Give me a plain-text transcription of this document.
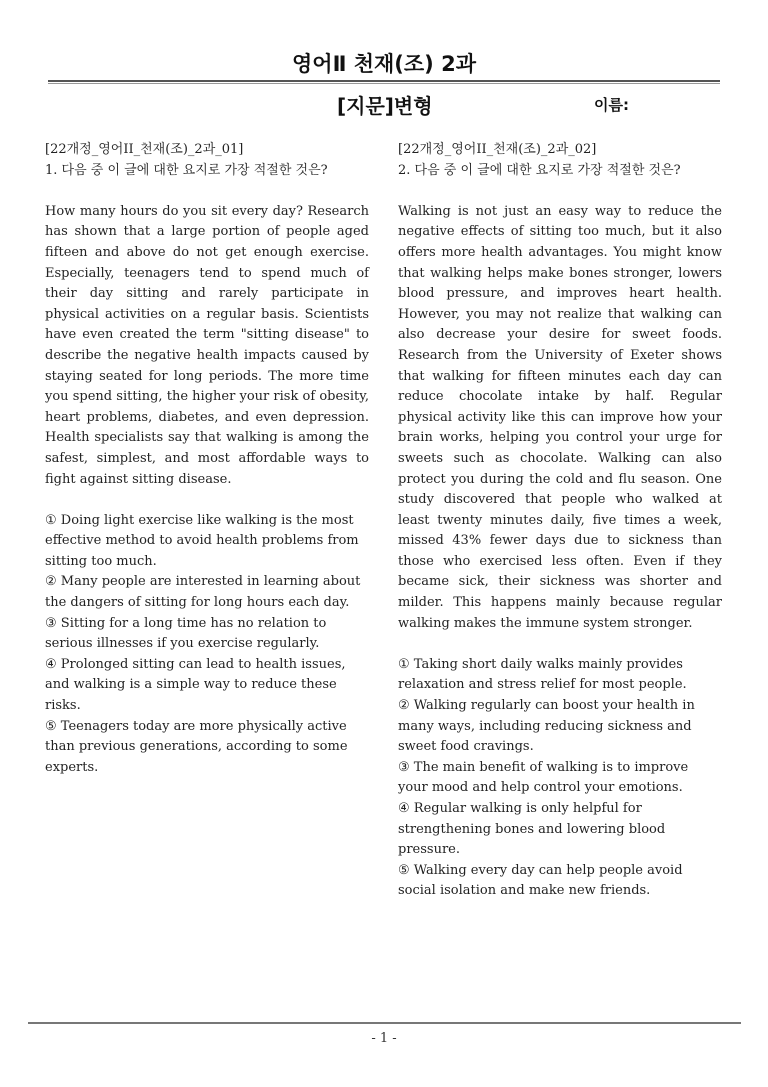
영어Ⅱ 천재(조) 2과
[지문]변형	이름:
[22개정_영어II_천재(조)_2과_01]
1. 다음 중 이 글에 대한 요지로 가장 적절한 것은?
How many hours do you sit every day? Research has shown that a large portion of people aged fifteen and above do not get enough exercise. Especially, teenagers tend to spend much of their day sitting and rarely participate in physical activities on a regular basis. Scientists have even created the term "sitting disease" to describe the negative health impacts caused by staying seated for long periods. The more time you spend sitting, the higher your risk of obesity, heart problems, diabetes, and even depression. Health specialists say that walking is among the safest, simplest, and most affordable ways to fight against sitting disease.

① Doing light exercise like walking is the most effective method to avoid health problems from sitting too much.

② Many people are interested in learning about the dangers of sitting for long hours each day.

③ Sitting for a long time has no relation to serious illnesses if you exercise regularly.

④ Prolonged sitting can lead to health issues, and walking is a simple way to reduce these risks.

⑤ Teenagers today are more physically active than previous generations, according to some experts.

[22개정_영어II_천재(조)_2과_02]
2. 다음 중 이 글에 대한 요지로 가장 적절한 것은?
Walking is not just an easy way to reduce the negative effects of sitting too much, but it also offers more health advantages. You might know that walking helps make bones stronger, lowers blood pressure, and improves heart health. However, you may not realize that walking can also decrease your desire for sweet foods. Research from the University of Exeter shows that walking for fifteen minutes each day can reduce chocolate intake by half. Regular physical activity like this can improve how your brain works, helping you control your urge for sweets such as chocolate. Walking can also protect you during the cold and flu season. One study discovered that people who walked at least twenty minutes daily, five times a week, missed 43% fewer days due to sickness than those who exercised less often. Even if they became sick, their sickness was shorter and milder. This happens mainly because regular walking makes the immune system stronger.

① Taking short daily walks mainly provides relaxation and stress relief for most people.

② Walking regularly can boost your health in many ways, including reducing sickness and sweet food cravings.

③ The main benefit of walking is to improve your mood and help control your emotions.

④ Regular walking is only helpful for strengthening bones and lowering blood pressure.

⑤ Walking every day can help people avoid social isolation and make new friends.

- 1 -
